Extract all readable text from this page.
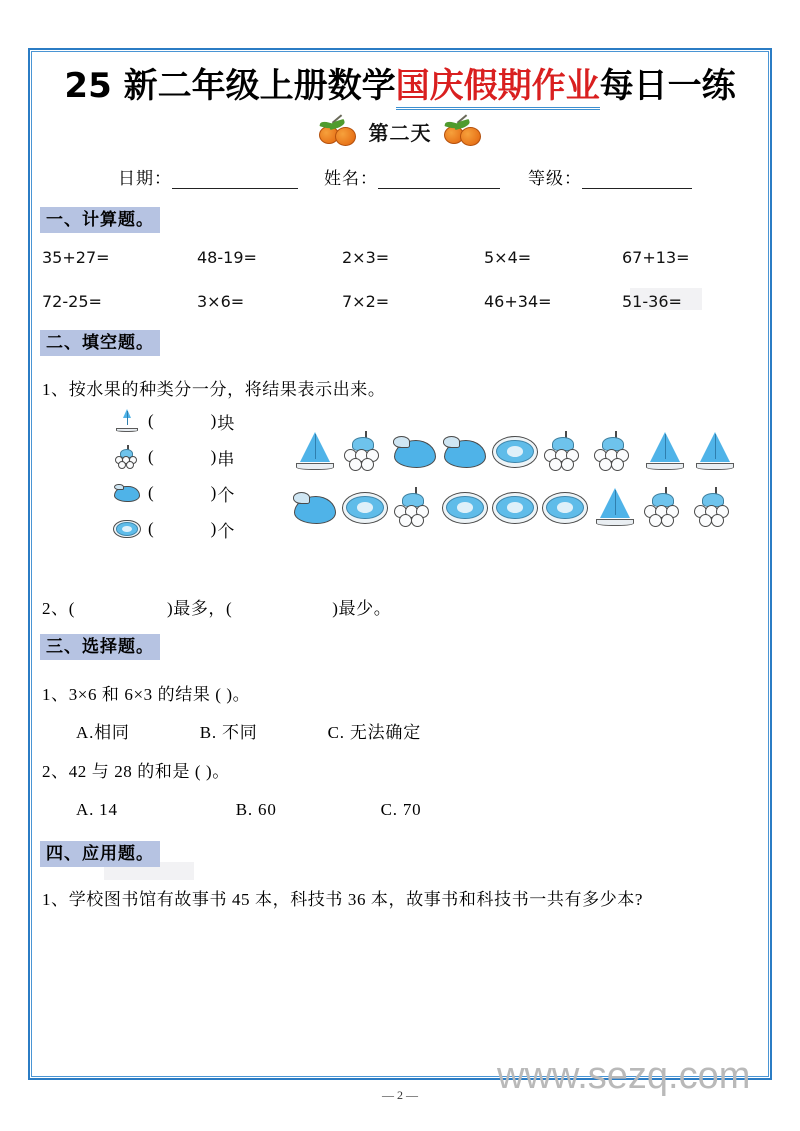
25 新二年级上册数学国庆假期作业每日一练
第二天
日期：	姓名：	等级：
一、计算题。
35+27=	48-19=	2×3=	5×4=	67+13=
72-25=	3×6=	7×2=	46+34=	51-36=
二、填空题。
1、按水果的种类分一分，将结果表示出来。
(	)块
(	)串
(	)个
(	)个
2、(	)最多，(	)最少。
三、选择题。
1、3×6 和 6×3 的结果 ( )。
A.相同	B. 不同	C. 无法确定
2、42 与 28 的和是 ( )。
A. 14	B. 60	C. 70
四、应用题。
1、学校图书馆有故事书 45 本，科技书 36 本，故事书和科技书一共有多少本?
www.sezq.com
— 2 —
